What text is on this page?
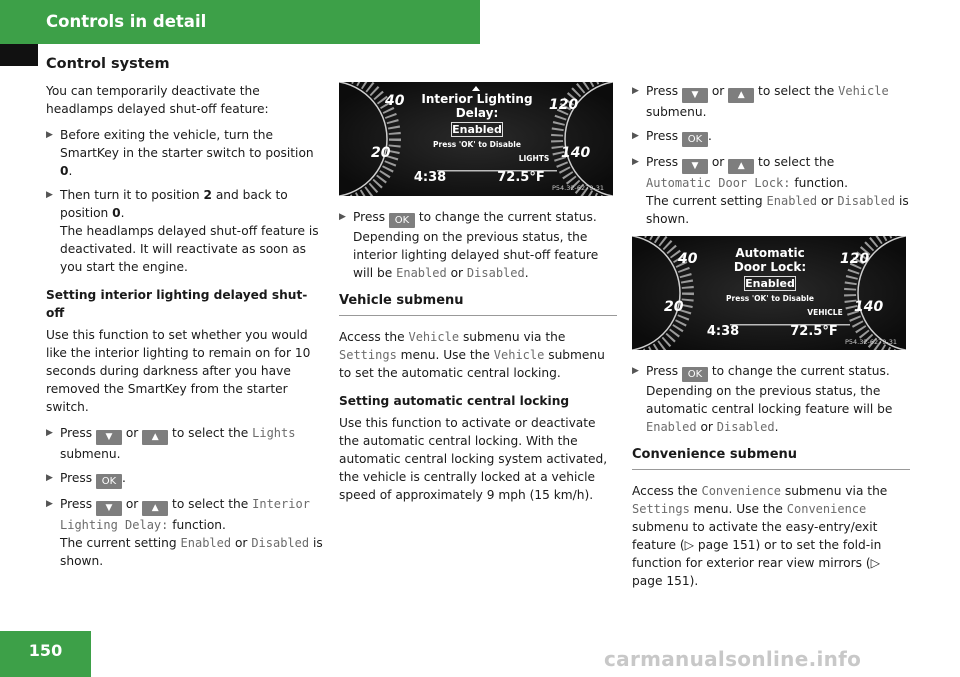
Controls in detail
Control system

You can temporarily deactivate the headlamps delayed shut-off feature:

▶ Before exiting the vehicle, turn the SmartKey in the starter switch to position 0.
▶ Then turn it to position 2 and back to position 0.
The headlamps delayed shut-off feature is deactivated. It will reactivate as soon as you start the engine.
Setting interior lighting delayed shut-off

Use this function to set whether you would like the interior lighting to remain on for 10 seconds during darkness after you have removed the SmartKey from the starter switch.

▶ Press ▼ or ▲ to select the Lights submenu.
▶ Press OK .
▶ Press ▼ or ▲ to select the Interior Lighting Delay: function.
The current setting Enabled or Disabled is shown.
40
20
120
140
Interior Lighting
Delay:
Enabled
Press 'OK' to Disable
LIGHTS
4:38	72.5°F
P54.32-6279-31
▶ Press OK to change the current status.
Depending on the previous status, the interior lighting delayed shut-off feature will be Enabled or Disabled.
Vehicle submenu

Access the Vehicle submenu via the Settings menu. Use the Vehicle submenu to set the automatic central locking.

Setting automatic central locking

Use this function to activate or deactivate the automatic central locking. With the automatic central locking system activated, the vehicle is centrally locked at a vehicle speed of approximately 9 mph (15 km/h).

▶ Press ▼ or ▲ to select the Vehicle submenu.
▶ Press OK .
▶ Press ▼ or ▲ to select the
Automatic Door Lock: function.
The current setting Enabled or Disabled is shown.
40
20
120
140
Automatic
Door Lock:
Enabled
Press 'OK' to Disable
VEHICLE
4:38	72.5°F
P54.32-6279-31
▶ Press OK to change the current status.
Depending on the previous status, the automatic central locking feature will be
Enabled or Disabled.
Convenience submenu

Access the Convenience submenu via the Settings menu. Use the Convenience submenu to activate the easy-entry/exit feature (▷ page 151) or to set the fold-in function for exterior rear view mirrors (▷ page 151).

150	carmanualsonline.info
